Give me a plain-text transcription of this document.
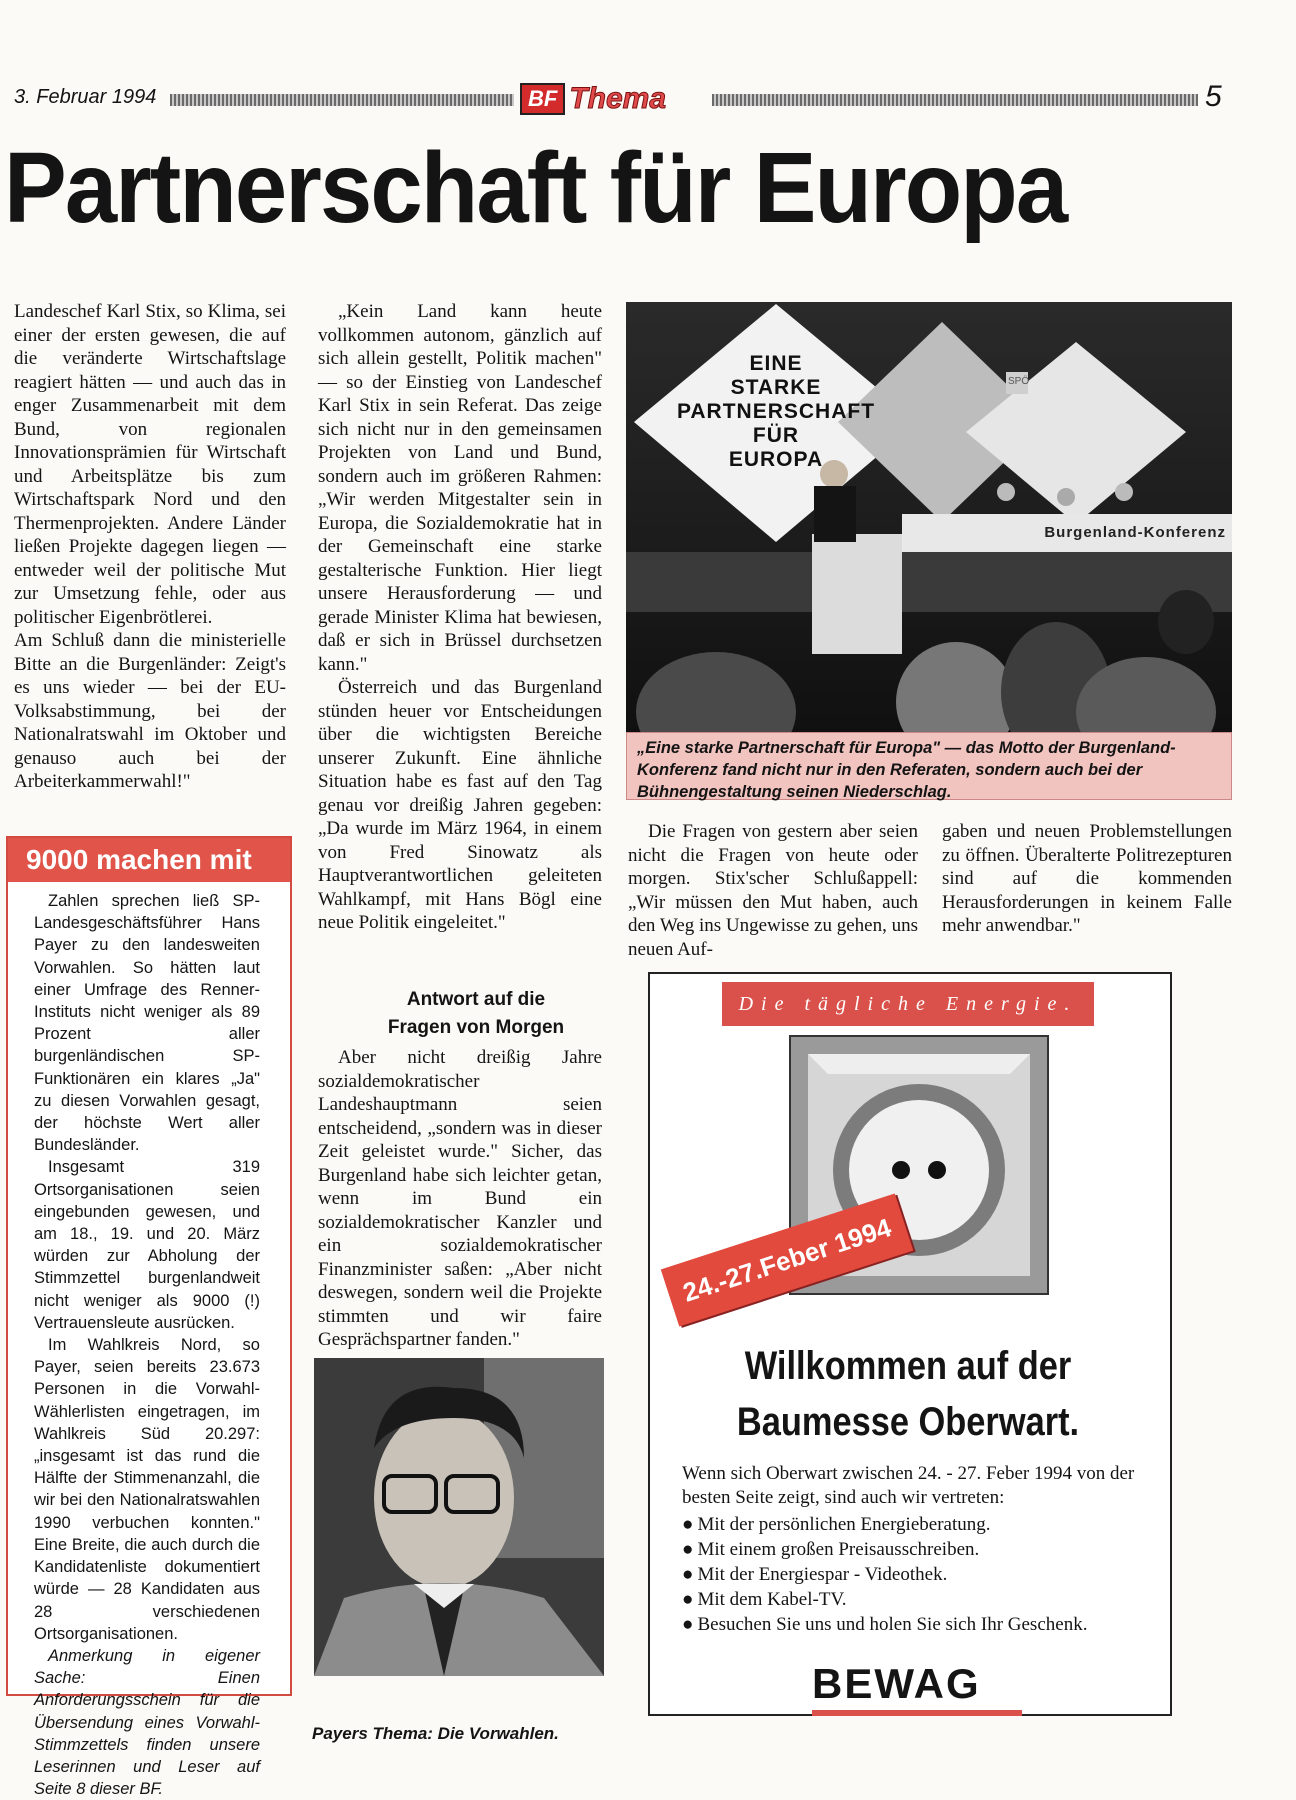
3. Februar 1994	BF Thema	5
Partnerschaft für Europa

Landeschef Karl Stix, so Klima, sei einer der ersten gewesen, die auf die veränderte Wirtschaftslage reagiert hätten — und auch das in enger Zusammenarbeit mit dem Bund, von regionalen Innovationsprämien für Wirtschaft und Arbeitsplätze bis zum Wirtschaftspark Nord und den Thermenprojekten. Andere Länder ließen Projekte dagegen liegen — entweder weil der politische Mut zur Umsetzung fehle, oder aus politischer Eigenbrötlerei.

Am Schluß dann die ministerielle Bitte an die Burgenländer: Zeigt's es uns wieder — bei der EU-Volksabstimmung, bei der Nationalratswahl im Oktober und genauso auch bei der Arbeiterkammerwahl!"

9000 machen mit

Zahlen sprechen ließ SP-Landesgeschäftsführer Hans Payer zu den landesweiten Vorwahlen. So hätten laut einer Umfrage des Renner-Instituts nicht weniger als 89 Prozent aller burgenländischen SP-Funktionären ein klares „Ja" zu diesen Vorwahlen gesagt, der höchste Wert aller Bundesländer.

Insgesamt 319 Ortsorganisationen seien eingebunden gewesen, und am 18., 19. und 20. März würden zur Abholung der Stimmzettel burgenlandweit nicht weniger als 9000 (!) Vertrauensleute ausrücken.

Im Wahlkreis Nord, so Payer, seien bereits 23.673 Personen in die Vorwahl-Wählerlisten eingetragen, im Wahlkreis Süd 20.297: „insgesamt ist das rund die Hälfte der Stimmenanzahl, die wir bei den Nationalratswahlen 1990 verbuchen konnten." Eine Breite, die auch durch die Kandidatenliste dokumentiert würde — 28 Kandidaten aus 28 verschiedenen Ortsorganisationen.

Anmerkung in eigener Sache: Einen Anforderungsschein für die Übersendung eines Vorwahl-Stimmzettels finden unsere Leserinnen und Leser auf Seite 8 dieser BF.

„Kein Land kann heute vollkommen autonom, gänzlich auf sich allein gestellt, Politik machen" — so der Einstieg von Landeschef Karl Stix in sein Referat. Das zeige sich nicht nur in den gemeinsamen Projekten von Land und Bund, sondern auch im größeren Rahmen: „Wir werden Mitgestalter sein in Europa, die Sozialdemokratie hat in der Gemeinschaft eine starke gestalterische Funktion. Hier liegt unsere Herausforderung — und gerade Minister Klima hat bewiesen, daß er sich in Brüssel durchsetzen kann."

Österreich und das Burgenland stünden heuer vor Entscheidungen über die wichtigsten Bereiche unserer Zukunft. Eine ähnliche Situation habe es fast auf den Tag genau vor dreißig Jahren gegeben: „Da wurde im März 1964, in einem von Fred Sinowatz als Hauptverantwortlichen geleiteten Wahlkampf, mit Hans Bögl eine neue Politik eingeleitet."

Antwort auf die
Fragen von Morgen

Aber nicht dreißig Jahre sozialdemokratischer Landeshauptmann seien entscheidend, „sondern was in dieser Zeit geleistet wurde." Sicher, das Burgenland habe sich leichter getan, wenn im Bund ein sozialdemokratischer Kanzler und ein sozialdemokratischer Finanzminister saßen: „Aber nicht deswegen, sondern weil die Projekte stimmten und wir faire Gesprächspartner fanden."

EINE
STARKE
PARTNERSCHAFT
FÜR
EUROPA
SPÖ
Burgenland-Konferenz
„Eine starke Partnerschaft für Europa" — das Motto der Burgenland-Konferenz fand nicht nur in den Referaten, sondern auch bei der Bühnengestaltung seinen Niederschlag.

Die Fragen von gestern aber seien nicht die Fragen von heute oder morgen. Stix'scher Schlußappell: „Wir müssen den Mut haben, auch den Weg ins Ungewisse zu gehen, uns neuen Auf-

gaben und neuen Problemstellungen zu öffnen. Überalterte Politrezepturen sind auf die kommenden Herausforderungen in keinem Falle mehr anwendbar."

Payers Thema: Die Vorwahlen.
Die tägliche Energie.
24.-27.Feber 1994
Willkommen auf der
Baumesse Oberwart.
Wenn sich Oberwart zwischen 24. - 27. Feber 1994 von der besten Seite zeigt, sind auch wir vertreten:
● Mit der persönlichen Energieberatung.
● Mit einem großen Preisausschreiben.
● Mit der Energiespar - Videothek.
● Mit dem Kabel-TV.
● Besuchen Sie uns und holen Sie sich Ihr Geschenk.
BEWAG
